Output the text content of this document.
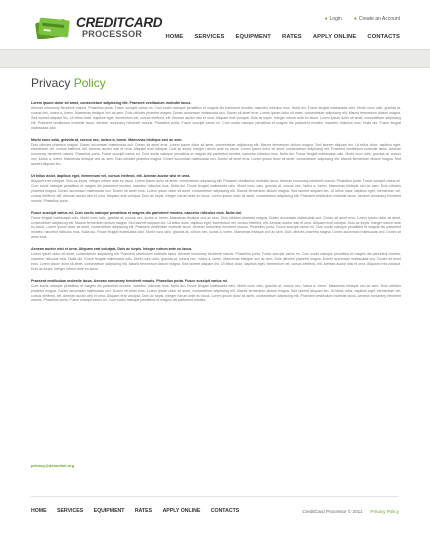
CREDITCARD
PROCESSOR
● Login ● Create an Account
HOME SERVICES EQUIPMENT RATES APPLY ONLINE CONTACTS
Privacy Policy
Lorem ipsum dolor sit amet, consectetuer adipiscing elit. Praesent vestibulum molestie lacus.
Aenean nonummy hendrerit mauris. Phasellus porta. Fusce suscipit varius mi. Cum sociis natoque penatibus et magnis dis parturient montes, nascetur ridiculus mus. Nulla dui. Fusce feugiat malesuada odio. Morbi nunc odio, gravida at, cursus nec, luctus a, lorem. Maecenas tristique orci ac sem. Duis ultricies pharetra magna. Donec accumsan malesuada orci. Donec sit amet eros. Lorem ipsum dolor sit amet, consectetuer adipiscing elit. Mauris fermentum dictum magna. Sed laoreet aliquam leo. Ut tellus dolor, dapibus eget, elementum vel, cursus eleifend, elit. Aenean auctor wisi et urna. Aliquam erat volutpat. Duis ac turpis. Integer rutrum ante eu lacus. Lorem ipsum dolor sit amet, consectetuer adipiscing elit. Praesent vestibulum molestie lacus. Aenean nonummy hendrerit mauris. Phasellus porta. Fusce suscipit varius mi. Cum sociis natoque penatibus et magnis dis parturient montes, nascetur ridiculus mus. Nulla dui. Fusce feugiat malesuada odio.
Morbi nunc odio, gravida at, cursus nec, luctus a, lorem. Maecenas tristique orci ac sem.
Duis ultricies pharetra magna. Donec accumsan malesuada orci. Donec sit amet eros. Lorem ipsum dolor sit amet, consectetuer adipiscing elit. Mauris fermentum dictum magna. Sed laoreet aliquam leo. Ut tellus dolor, dapibus eget, elementum vel, cursus eleifend, elit. Aenean auctor wisi et urna. Aliquam erat volutpat. Duis ac turpis. Integer rutrum ante eu lacus. Lorem ipsum dolor sit amet, consectetuer adipiscing elit. Praesent vestibulum molestie lacus. Aenean nonummy hendrerit mauris. Phasellus porta. Fusce suscipit varius mi. Cum sociis natoque penatibus et magnis dis parturient montes, nascetur ridiculus mus. Nulla dui. Fusce feugiat malesuada odio. Morbi nunc odio, gravida at, cursus nec, luctus a, lorem. Maecenas tristique orci ac sem. Duis ultricies pharetra magna. Donec accumsan malesuada orci. Donec sit amet eros. Lorem ipsum dolor sit amet, consectetuer adipiscing elit. Mauris fermentum dictum magna. Sed laoreet aliquam leo.
Ut tellus dolor, dapibus eget, elementum vel, cursus eleifend, elit. Aenean auctor wisi et urna.
Aliquam erat volutpat. Duis ac turpis. Integer rutrum ante eu lacus. Lorem ipsum dolor sit amet, consectetuer adipiscing elit. Praesent vestibulum molestie lacus. Aenean nonummy hendrerit mauris. Phasellus porta. Fusce suscipit varius mi. Cum sociis natoque penatibus et magnis dis parturient montes, nascetur ridiculus mus. Nulla dui. Fusce feugiat malesuada odio. Morbi nunc odio, gravida at, cursus nec, luctus a, lorem. Maecenas tristique orci ac sem. Duis ultricies pharetra magna. Donec accumsan malesuada orci. Donec sit amet eros. Lorem ipsum dolor sit amet, consectetuer adipiscing elit. Mauris fermentum dictum magna. Sed laoreet aliquam leo. Ut tellus dolor, dapibus eget, elementum vel, cursus eleifend, elit. Aenean auctor wisi et urna. Aliquam erat volutpat. Duis ac turpis. Integer rutrum ante eu lacus. Lorem ipsum dolor sit amet, consectetuer adipiscing elit. Praesent vestibulum molestie lacus. Aenean nonummy hendrerit mauris. Phasellus porta.
Fusce suscipit varius mi. Cum sociis natoque penatibus et magnis dis parturient montes, nascetur ridiculus mus. Nulla dui.
Fusce feugiat malesuada odio. Morbi nunc odio, gravida at, cursus nec, luctus a, lorem. Maecenas tristique orci ac sem. Duis ultricies pharetra magna. Donec accumsan malesuada orci. Donec sit amet eros. Lorem ipsum dolor sit amet, consectetuer adipiscing elit. Mauris fermentum dictum magna. Sed laoreet aliquam leo. Ut tellus dolor, dapibus eget, elementum vel, cursus eleifend, elit. Aenean auctor wisi et urna. Aliquam erat volutpat. Duis ac turpis. Integer rutrum ante eu lacus. Lorem ipsum dolor sit amet, consectetuer adipiscing elit. Praesent vestibulum molestie lacus. Aenean nonummy hendrerit mauris. Phasellus porta. Fusce suscipit varius mi. Cum sociis natoque penatibus et magnis dis parturient montes, nascetur ridiculus mus. Nulla dui. Fusce feugiat malesuada odio. Morbi nunc odio, gravida at, cursus nec, luctus a, lorem. Maecenas tristique orci ac sem. Duis ultricies pharetra magna. Donec accumsan malesuada orci. Donec sit amet eros.
Aenean auctor wisi et urna. Aliquam erat volutpat. Duis ac turpis. Integer rutrum ante eu lacus.
Lorem ipsum dolor sit amet, consectetuer adipiscing elit. Praesent vestibulum molestie lacus. Aenean nonummy hendrerit mauris. Phasellus porta. Fusce suscipit varius mi. Cum sociis natoque penatibus et magnis dis parturient montes, nascetur ridiculus mus. Nulla dui. Fusce feugiat malesuada odio. Morbi nunc odio, gravida at, cursus nec, luctus a, lorem. Maecenas tristique orci ac sem. Duis ultricies pharetra magna. Donec accumsan malesuada orci. Donec sit amet eros. Lorem ipsum dolor sit amet, consectetuer adipiscing elit. Mauris fermentum dictum magna. Sed laoreet aliquam leo. Ut tellus dolor, dapibus eget, elementum vel, cursus eleifend, elit. Aenean auctor wisi et urna. Aliquam erat volutpat. Duis ac turpis. Integer rutrum ante eu lacus.
Praesent vestibulum molestie lacus. Aenean nonummy hendrerit mauris. Phasellus porta. Fusce suscipit varius mi.
Cum sociis natoque penatibus et magnis dis parturient montes, nascetur ridiculus mus. Nulla dui. Fusce feugiat malesuada odio. Morbi nunc odio, gravida at, cursus nec, luctus a, lorem. Maecenas tristique orci ac sem. Duis ultricies pharetra magna. Donec accumsan malesuada orci. Donec sit amet eros. Lorem ipsum dolor sit amet, consectetuer adipiscing elit. Mauris fermentum dictum magna. Sed laoreet aliquam leo. Ut tellus dolor, dapibus eget, elementum vel, cursus eleifend, elit. Aenean auctor wisi et urna. Aliquam erat volutpat. Duis ac turpis. Integer rutrum ante eu lacus. Lorem ipsum dolor sit amet, consectetuer adipiscing elit. Praesent vestibulum molestie lacus. Aenean nonummy hendrerit mauris. Phasellus porta. Fusce suscipit varius mi. Cum sociis natoque penatibus et magnis dis parturient montes.
privacy@demolink.org
HOME SERVICES EQUIPMENT RATES APPLY ONLINE CONTACTS	CreditCard Processor © 2011 Privacy Policy
